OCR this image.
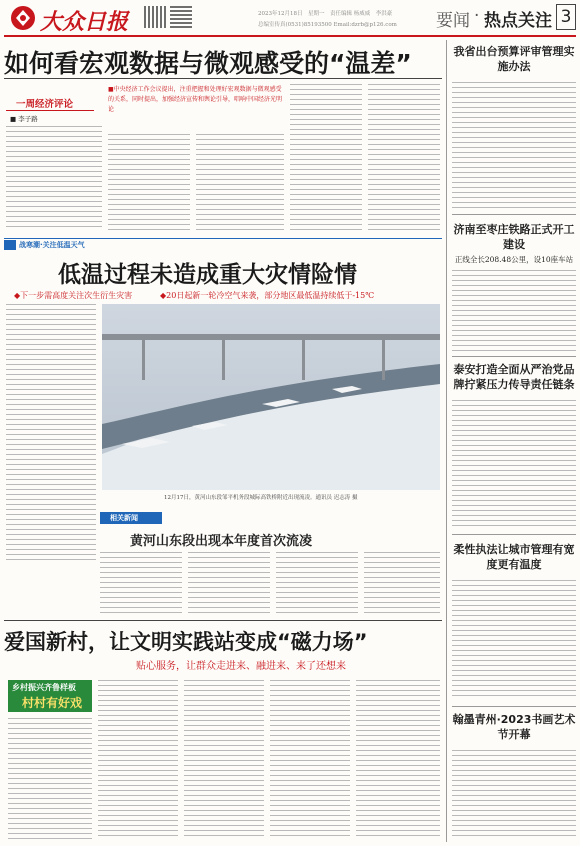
大众日报	2023年12月18日　星期一　责任编辑 杨威威　李洪豪
总编室传真(0531)85193500 Email:dzrb@p126.com 要闻 · 热点关注 3
如何看宏观数据与微观感受的“温差”
一周经济评论
■ 李子路
■中央经济工作会议提出，注重把握和处理好宏观数据与微观感受的关系，同时提出，加强经济宣传和舆论引导，唱响中国经济光明论
战寒潮·关注低温天气
低温过程未造成重大灾情险情
◆下一步需高度关注次生衍生灾害	◆20日起新一轮冷空气来袭，部分地区最低温持续低于-15℃
12月17日，黄河山东段邹平机务段城际高铁桥附近出现流凌。通讯员 迟志涛 摄
相关新闻
黄河山东段出现本年度首次流凌
爱国新村，让文明实践站变成“磁力场”
贴心服务，让群众走进来、融进来、来了还想来
乡村振兴齐鲁样板
村村有好戏
我省出台预算评审管理实施办法
济南至枣庄铁路正式开工建设
正线全长208.48公里，设10座车站
泰安打造全面从严治党品牌拧紧压力传导责任链条
柔性执法让城市管理有宽度更有温度
翰墨青州·2023书画艺术节开幕
